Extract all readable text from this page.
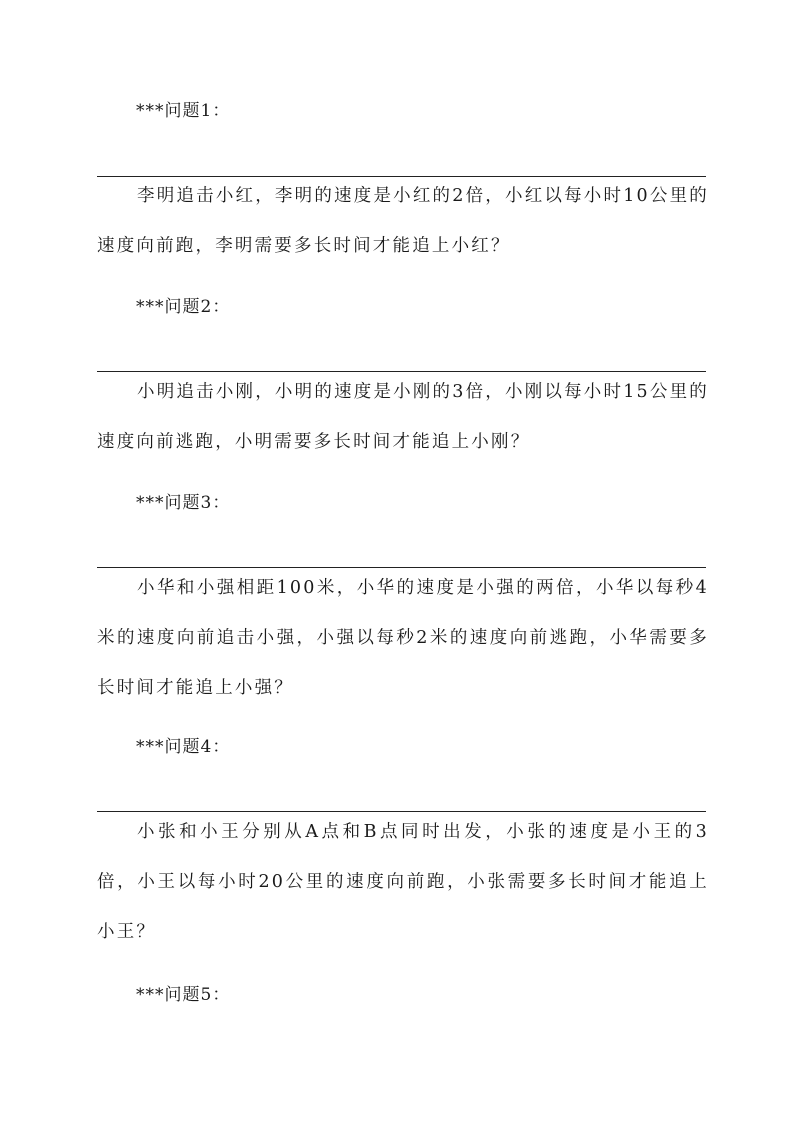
***问题1：

李明追击小红，李明的速度是小红的2倍，小红以每小时10公里的速度向前跑，李明需要多长时间才能追上小红？

***问题2：

小明追击小刚，小明的速度是小刚的3倍，小刚以每小时15公里的速度向前逃跑，小明需要多长时间才能追上小刚？

***问题3：

小华和小强相距100米，小华的速度是小强的两倍，小华以每秒4米的速度向前追击小强，小强以每秒2米的速度向前逃跑，小华需要多长时间才能追上小强？

***问题4：

小张和小王分别从A点和B点同时出发，小张的速度是小王的3倍，小王以每小时20公里的速度向前跑，小张需要多长时间才能追上小王？

***问题5：
